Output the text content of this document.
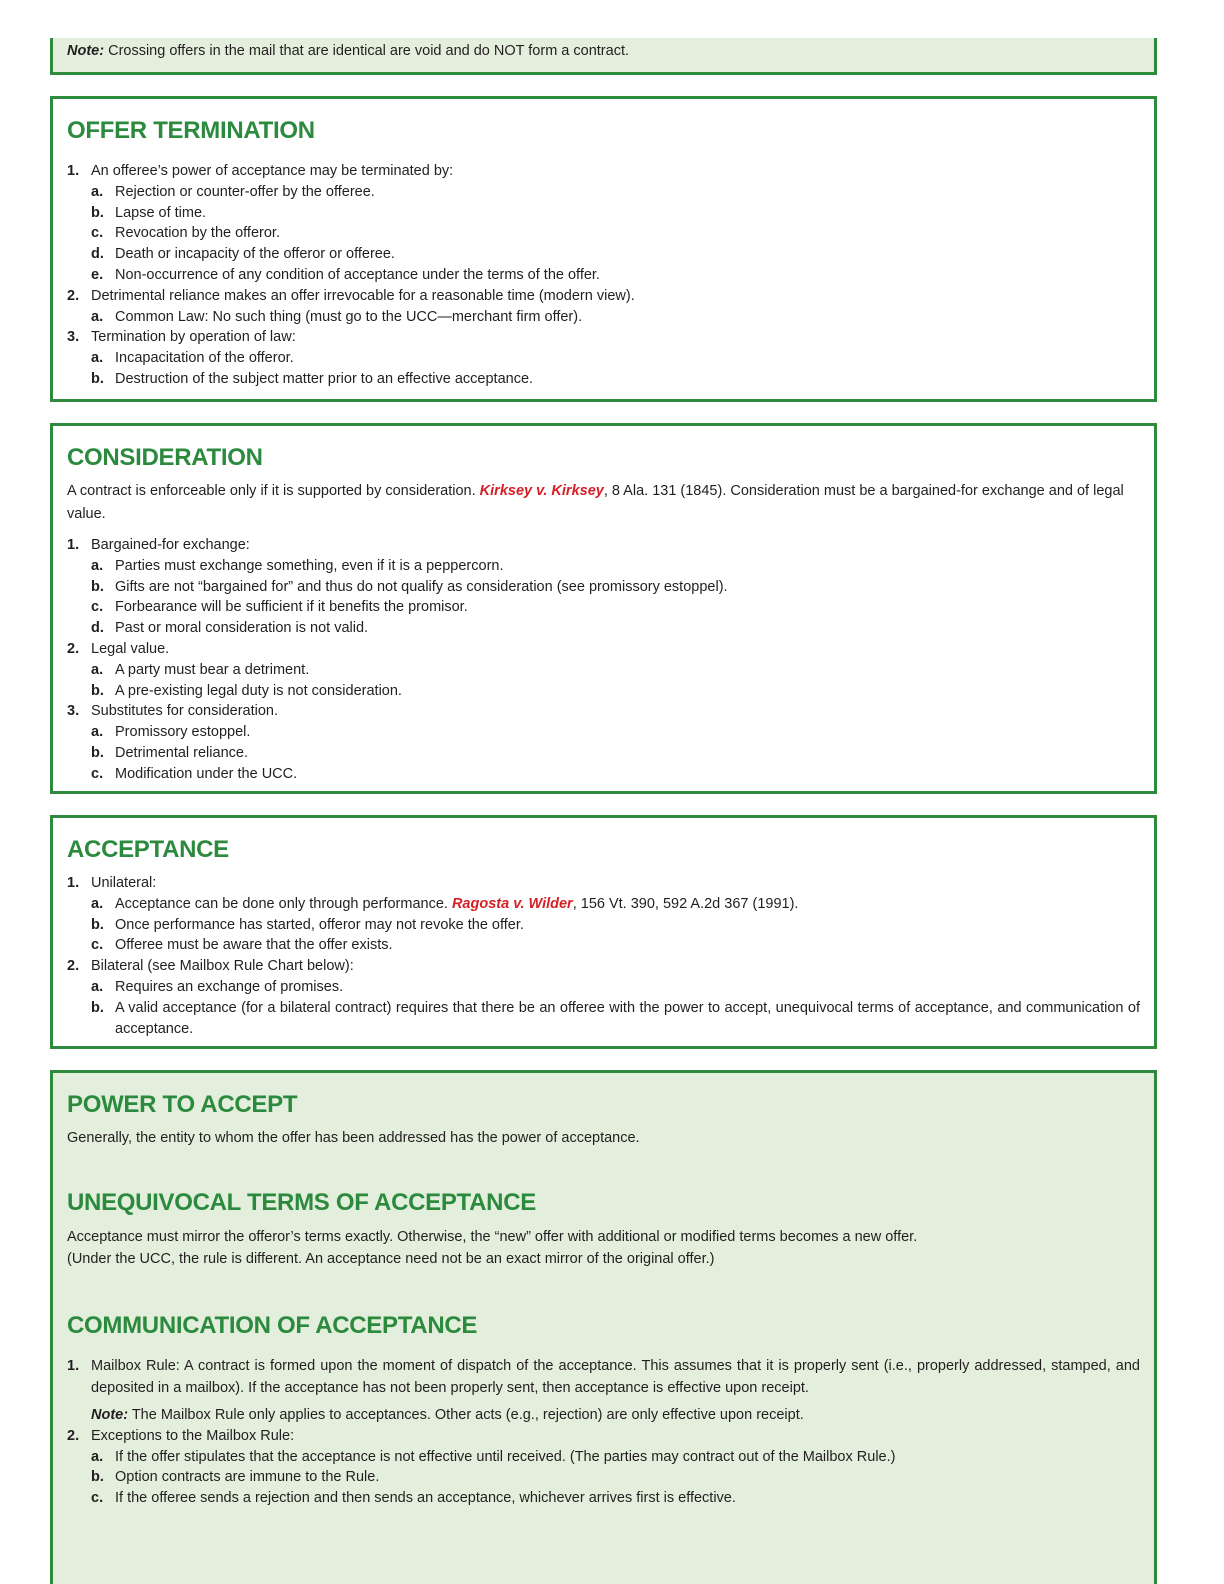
Note: Crossing offers in the mail that are identical are void and do NOT form a contract.
OFFER TERMINATION
1. An offeree’s power of acceptance may be terminated by:
a. Rejection or counter-offer by the offeree.
b. Lapse of time.
c. Revocation by the offeror.
d. Death or incapacity of the offeror or offeree.
e. Non-occurrence of any condition of acceptance under the terms of the offer.
2. Detrimental reliance makes an offer irrevocable for a reasonable time (modern view).
a. Common Law: No such thing (must go to the UCC—merchant firm offer).
3. Termination by operation of law:
a. Incapacitation of the offeror.
b. Destruction of the subject matter prior to an effective acceptance.
CONSIDERATION
A contract is enforceable only if it is supported by consideration. Kirksey v. Kirksey, 8 Ala. 131 (1845). Consideration must be a bargained-for exchange and of legal value.
1. Bargained-for exchange:
a. Parties must exchange something, even if it is a peppercorn.
b. Gifts are not “bargained for” and thus do not qualify as consideration (see promissory estoppel).
c. Forbearance will be sufficient if it benefits the promisor.
d. Past or moral consideration is not valid.
2. Legal value.
a. A party must bear a detriment.
b. A pre-existing legal duty is not consideration.
3. Substitutes for consideration.
a. Promissory estoppel.
b. Detrimental reliance.
c. Modification under the UCC.
ACCEPTANCE
1. Unilateral:
a. Acceptance can be done only through performance. Ragosta v. Wilder, 156 Vt. 390, 592 A.2d 367 (1991).
b. Once performance has started, offeror may not revoke the offer.
c. Offeree must be aware that the offer exists.
2. Bilateral (see Mailbox Rule Chart below):
a. Requires an exchange of promises.
b. A valid acceptance (for a bilateral contract) requires that there be an offeree with the power to accept, unequivocal terms of acceptance, and communication of acceptance.
POWER TO ACCEPT
Generally, the entity to whom the offer has been addressed has the power of acceptance.
UNEQUIVOCAL TERMS OF ACCEPTANCE
Acceptance must mirror the offeror’s terms exactly. Otherwise, the “new” offer with additional or modified terms becomes a new offer.
(Under the UCC, the rule is different. An acceptance need not be an exact mirror of the original offer.)
COMMUNICATION OF ACCEPTANCE
1. Mailbox Rule: A contract is formed upon the moment of dispatch of the acceptance. This assumes that it is properly sent (i.e., properly addressed, stamped, and deposited in a mailbox). If the acceptance has not been properly sent, then acceptance is effective upon receipt.
Note: The Mailbox Rule only applies to acceptances. Other acts (e.g., rejection) are only effective upon receipt.
2. Exceptions to the Mailbox Rule:
a. If the offer stipulates that the acceptance is not effective until received. (The parties may contract out of the Mailbox Rule.)
b. Option contracts are immune to the Rule.
c. If the offeree sends a rejection and then sends an acceptance, whichever arrives first is effective.
